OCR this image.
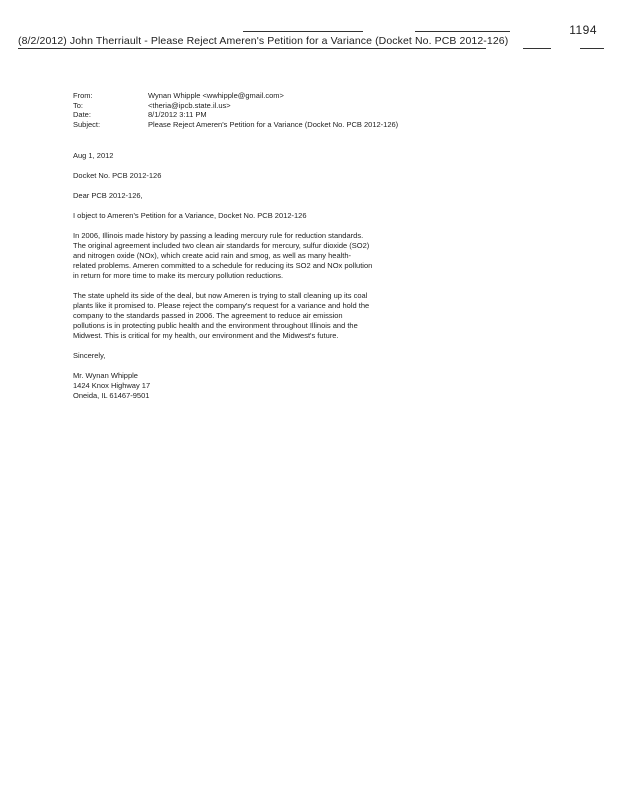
1194
(8/2/2012) John Therriault - Please Reject Ameren's Petition for a Variance (Docket No. PCB 2012-126)
From:	Wynan Whipple <wwhipple@gmail.com>
To:	<theria@ipcb.state.il.us>
Date:	8/1/2012 3:11 PM
Subject:	Please Reject Ameren's Petition for a Variance (Docket No. PCB 2012-126)

Aug 1, 2012

Docket No. PCB 2012-126

Dear PCB 2012-126,

I object to Ameren's Petition for a Variance, Docket No. PCB 2012-126

In 2006, Illinois made history by passing a leading mercury rule for reduction standards. The original agreement included two clean air standards for mercury, sulfur dioxide (SO2) and nitrogen oxide (NOx), which create acid rain and smog, as well as many health-related problems. Ameren committed to a schedule for reducing its SO2 and NOx pollution in return for more time to make its mercury pollution reductions.

The state upheld its side of the deal, but now Ameren is trying to stall cleaning up its coal plants like it promised to. Please reject the company's request for a variance and hold the company to the standards passed in 2006. The agreement to reduce air emission pollutions is in protecting public health and the environment throughout Illinois and the Midwest. This is critical for my health, our environment and the Midwest's future.

Sincerely,

Mr. Wynan Whipple
1424 Knox Highway 17
Oneida, IL 61467-9501
